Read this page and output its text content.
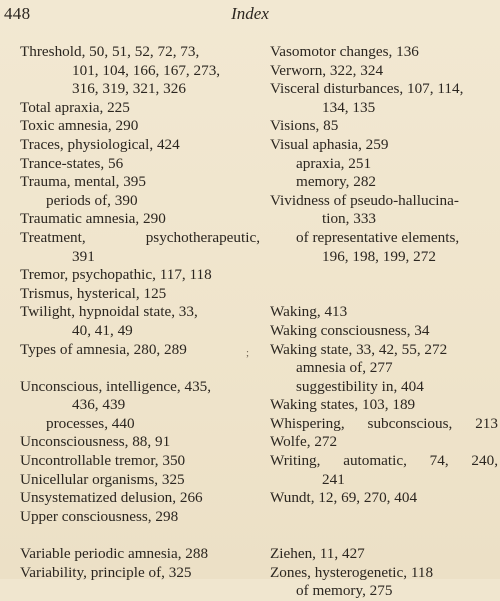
448	Index
Threshold, 50, 51, 52, 72, 73,
101, 104, 166, 167, 273,
316, 319, 321, 326
Total apraxia, 225
Toxic amnesia, 290
Traces, physiological, 424
Trance-states, 56
Trauma, mental, 395
periods of, 390
Traumatic amnesia, 290
Treatment,	psychotherapeutic,
391
Tremor, psychopathic, 117, 118
Trismus, hysterical, 125
Twilight, hypnoidal state, 33,
40, 41, 49
Types of amnesia, 280, 289
Unconscious, intelligence, 435,
436, 439
processes, 440
Unconsciousness, 88, 91
Uncontrollable tremor, 350
Unicellular organisms, 325
Unsystematized delusion, 266
Upper consciousness, 298
Variable periodic amnesia, 288
Variability, principle of, 325
Vasomotor changes, 136
Verworn, 322, 324
Visceral disturbances, 107, 114,
134, 135
Visions, 85
Visual aphasia, 259
apraxia, 251
memory, 282
Vividness of pseudo-hallucina-
tion, 333
of representative elements,
196, 198, 199, 272
Waking, 413
Waking consciousness, 34
Waking state, 33, 42, 55, 272
amnesia of, 277
suggestibility in, 404
Waking states, 103, 189
Whispering, subconscious, 213
Wolfe, 272
Writing, automatic, 74, 240,
241
Wundt, 12, 69, 270, 404
Ziehen, 11, 427
Zones, hysterogenetic, 118
of memory, 275
;
